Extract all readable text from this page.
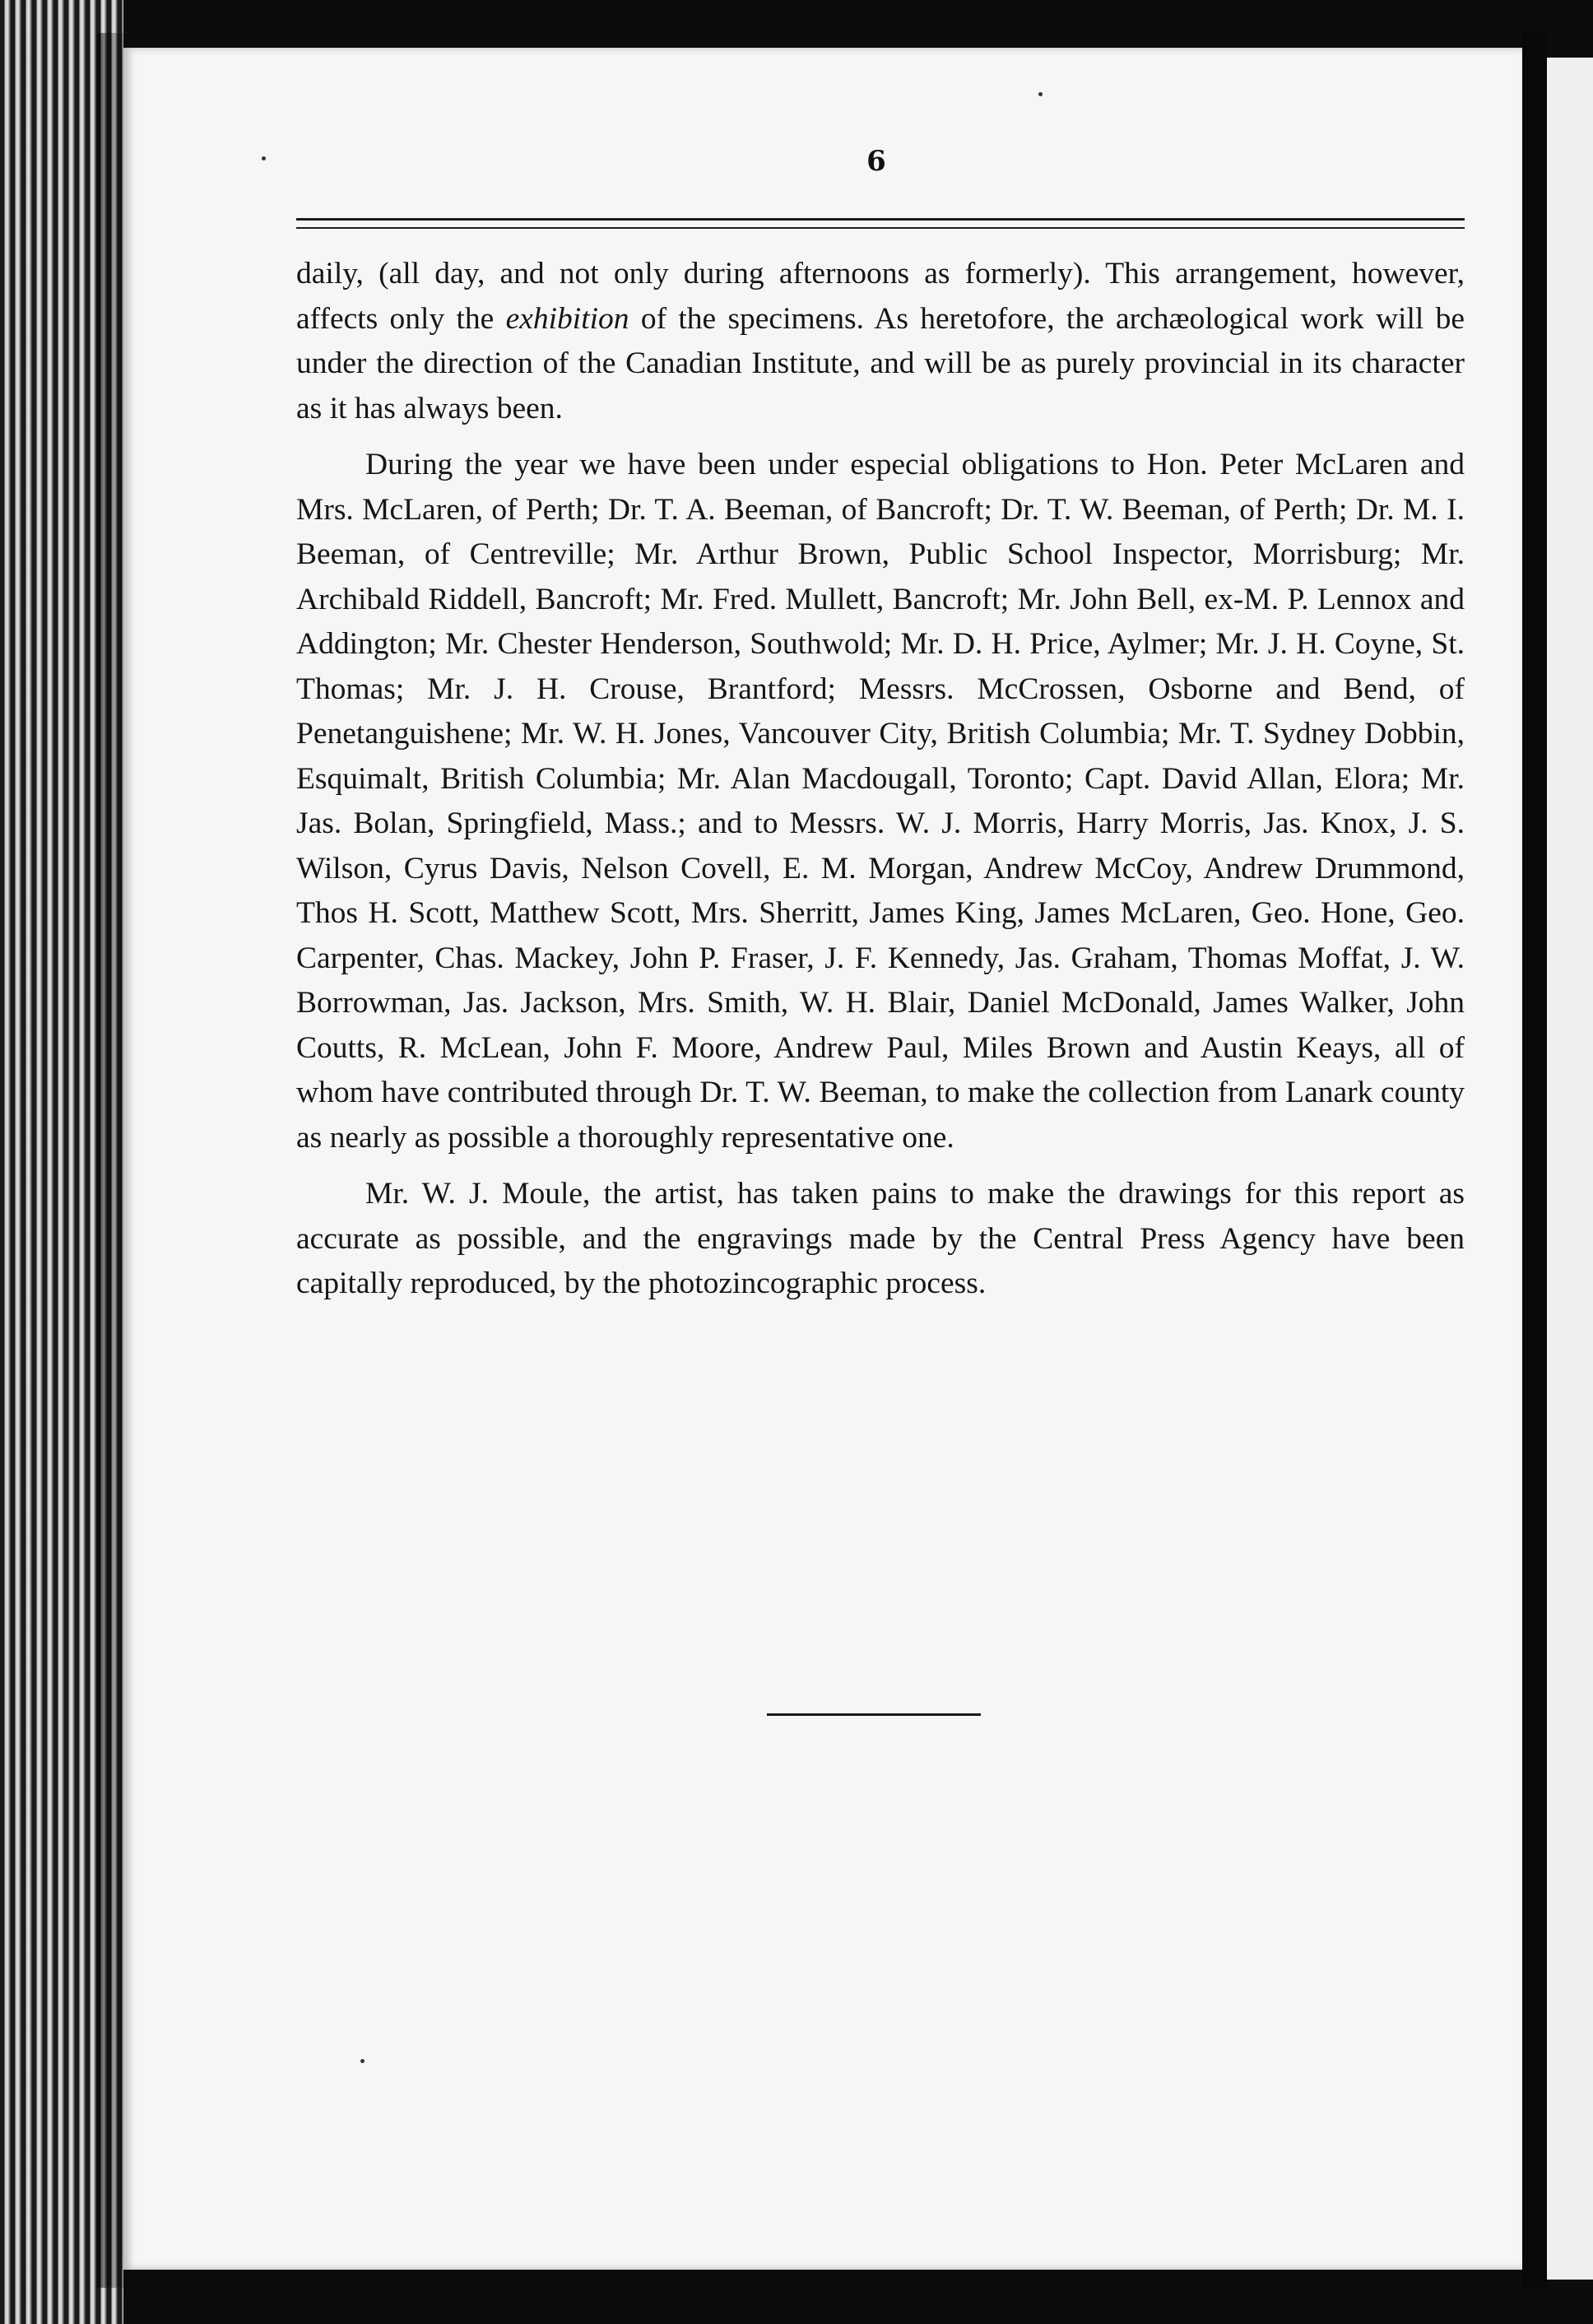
6

daily, (all day, and not only during afternoons as formerly). This arrangement, however, affects only the exhibition of the specimens. As heretofore, the archæological work will be under the direction of the Canadian Institute, and will be as purely provincial in its character as it has always been.

During the year we have been under especial obligations to Hon. Peter McLaren and Mrs. McLaren, of Perth; Dr. T. A. Beeman, of Bancroft; Dr. T. W. Beeman, of Perth; Dr. M. I. Beeman, of Centreville; Mr. Arthur Brown, Public School Inspector, Morrisburg; Mr. Archibald Riddell, Bancroft; Mr. Fred. Mullett, Bancroft; Mr. John Bell, ex-M. P. Lennox and Addington; Mr. Chester Henderson, Southwold; Mr. D. H. Price, Aylmer; Mr. J. H. Coyne, St. Thomas; Mr. J. H. Crouse, Brantford; Messrs. McCrossen, Osborne and Bend, of Penetanguishene; Mr. W. H. Jones, Vancouver City, British Columbia; Mr. T. Sydney Dobbin, Esquimalt, British Columbia; Mr. Alan Macdougall, Toronto; Capt. David Allan, Elora; Mr. Jas. Bolan, Springfield, Mass.; and to Messrs. W. J. Morris, Harry Morris, Jas. Knox, J. S. Wilson, Cyrus Davis, Nelson Covell, E. M. Morgan, Andrew McCoy, Andrew Drummond, Thos H. Scott, Matthew Scott, Mrs. Sherritt, James King, James McLaren, Geo. Hone, Geo. Carpenter, Chas. Mackey, John P. Fraser, J. F. Kennedy, Jas. Graham, Thomas Moffat, J. W. Borrowman, Jas. Jackson, Mrs. Smith, W. H. Blair, Daniel McDonald, James Walker, John Coutts, R. McLean, John F. Moore, Andrew Paul, Miles Brown and Austin Keays, all of whom have contributed through Dr. T. W. Beeman, to make the collection from Lanark county as nearly as possible a thoroughly representative one.

Mr. W. J. Moule, the artist, has taken pains to make the drawings for this report as accurate as possible, and the engravings made by the Central Press Agency have been capitally reproduced, by the photozincographic process.
